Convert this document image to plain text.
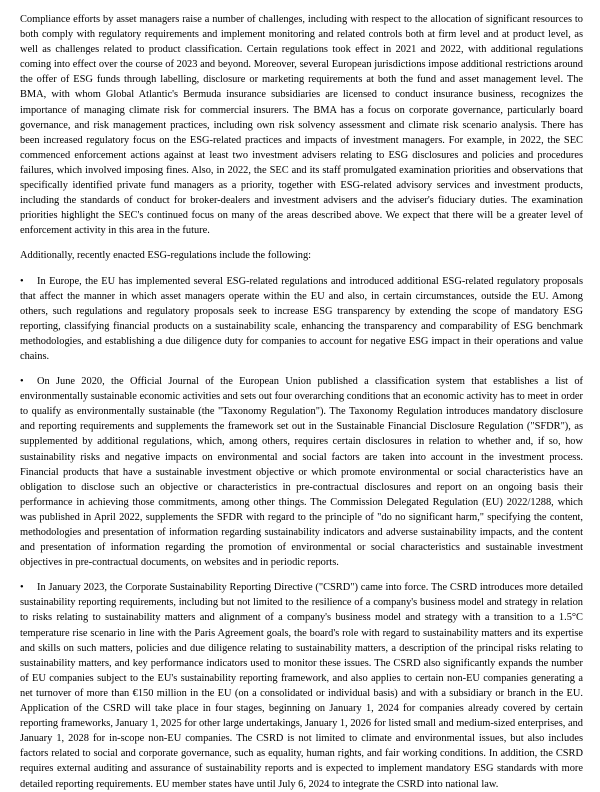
Compliance efforts by asset managers raise a number of challenges, including with respect to the allocation of significant resources to both comply with regulatory requirements and implement monitoring and related controls both at firm level and at product level, as well as challenges related to product classification. Certain regulations took effect in 2021 and 2022, with additional regulations coming into effect over the course of 2023 and beyond. Moreover, several European jurisdictions impose additional restrictions around the offer of ESG funds through labelling, disclosure or marketing requirements at both the fund and asset management level. The BMA, with whom Global Atlantic's Bermuda insurance subsidiaries are licensed to conduct insurance business, recognizes the importance of managing climate risk for commercial insurers. The BMA has a focus on corporate governance, particularly board governance, and risk management practices, including own risk solvency assessment and climate risk scenario analysis. There has been increased regulatory focus on the ESG-related practices and impacts of investment managers. For example, in 2022, the SEC commenced enforcement actions against at least two investment advisers relating to ESG disclosures and policies and procedures failures, which involved imposing fines. Also, in 2022, the SEC and its staff promulgated examination priorities and observations that specifically identified private fund managers as a priority, together with ESG-related advisory services and investment products, including the standards of conduct for broker-dealers and investment advisers and the adviser's fiduciary duties. The examination priorities highlight the SEC's continued focus on many of the areas described above. We expect that there will be a greater level of enforcement activity in this area in the future.

Additionally, recently enacted ESG-regulations include the following:

• In Europe, the EU has implemented several ESG-related regulations and introduced additional ESG-related regulatory proposals that affect the manner in which asset managers operate within the EU and also, in certain circumstances, outside the EU. Among others, such regulations and regulatory proposals seek to increase ESG transparency by extending the scope of mandatory ESG reporting, classifying financial products on a sustainability scale, enhancing the transparency and comparability of ESG benchmark methodologies, and establishing a due diligence duty for companies to account for negative ESG impact in their operations and value chains.

• On June 2020, the Official Journal of the European Union published a classification system that establishes a list of environmentally sustainable economic activities and sets out four overarching conditions that an economic activity has to meet in order to qualify as environmentally sustainable (the "Taxonomy Regulation"). The Taxonomy Regulation introduces mandatory disclosure and reporting requirements and supplements the framework set out in the Sustainable Financial Disclosure Regulation ("SFDR"), as supplemented by additional regulations, which, among others, requires certain disclosures in relation to whether and, if so, how sustainability risks and negative impacts on environmental and social factors are taken into account in the investment process. Financial products that have a sustainable investment objective or which promote environmental or social characteristics have an obligation to disclose such an objective or characteristics in pre-contractual disclosures and report on an ongoing basis their performance in achieving those commitments, among other things. The Commission Delegated Regulation (EU) 2022/1288, which was published in April 2022, supplements the SFDR with regard to the principle of "do no significant harm," specifying the content, methodologies and presentation of information regarding sustainability indicators and adverse sustainability impacts, and the content and presentation of information regarding the promotion of environmental or social characteristics and sustainable investment objectives in pre-contractual documents, on websites and in periodic reports.

• In January 2023, the Corporate Sustainability Reporting Directive ("CSRD") came into force. The CSRD introduces more detailed sustainability reporting requirements, including but not limited to the resilience of a company's business model and strategy in relation to risks relating to sustainability matters and alignment of a company's business model and strategy with a transition to a 1.5°C temperature rise scenario in line with the Paris Agreement goals, the board's role with regard to sustainability matters and its expertise and skills on such matters, policies and due diligence relating to sustainability matters, a description of the principal risks relating to sustainability matters, and key performance indicators used to monitor these issues. The CSRD also significantly expands the number of EU companies subject to the EU's sustainability reporting framework, and also applies to certain non-EU companies generating a net turnover of more than €150 million in the EU (on a consolidated or individual basis) and with a subsidiary or branch in the EU. Application of the CSRD will take place in four stages, beginning on January 1, 2024 for companies already covered by certain reporting frameworks, January 1, 2025 for other large undertakings, January 1, 2026 for listed small and medium-sized enterprises, and January 1, 2028 for in-scope non-EU companies. The CSRD is not limited to climate and environmental issues, but also includes factors related to social and corporate governance, such as equality, human rights, and fair working conditions. In addition, the CSRD requires external auditing and assurance of sustainability reports and is expected to implement mandatory ESG standards with more detailed reporting requirements. EU member states have until July 6, 2024 to integrate the CSRD into national law.
